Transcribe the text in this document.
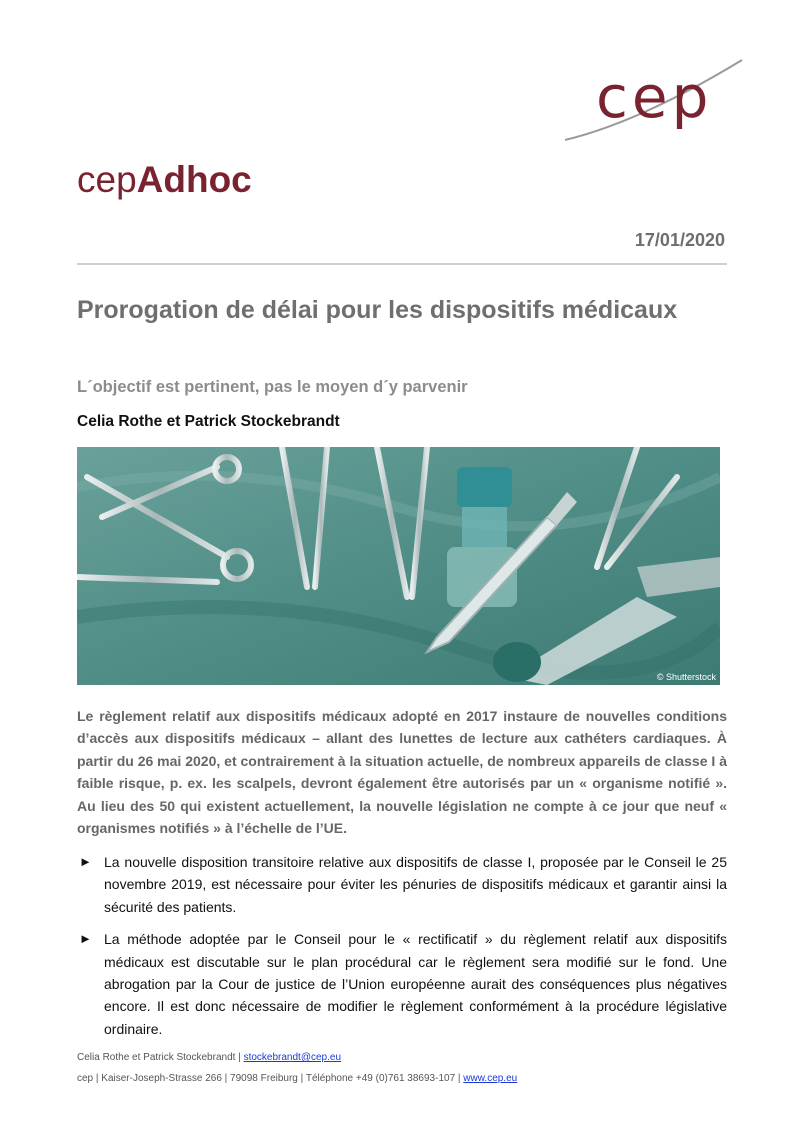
cep
cepAdhoc
17/01/2020
Prorogation de délai pour les dispositifs médicaux
L´objectif est pertinent, pas le moyen d´y parvenir
Celia Rothe et Patrick Stockebrandt
© Shutterstock

Le règlement relatif aux dispositifs médicaux adopté en 2017 instaure de nouvelles conditions d’accès aux dispositifs médicaux – allant des lunettes de lecture aux cathéters cardiaques. À partir du 26 mai 2020, et contrairement à la situation actuelle, de nombreux appareils de classe I à faible risque, p. ex. les scalpels, devront également être autorisés par un « organisme notifié ». Au lieu des 50 qui existent actuellement, la nouvelle législation ne compte à ce jour que neuf « organismes notifiés » à l’échelle de l’UE.

► La nouvelle disposition transitoire relative aux dispositifs de classe I, proposée par le Conseil le 25 novembre 2019, est nécessaire pour éviter les pénuries de dispositifs médicaux et garantir ainsi la sécurité des patients.
► La méthode adoptée par le Conseil pour le « rectificatif » du règlement relatif aux dispositifs médicaux est discutable sur le plan procédural car le règlement sera modifié sur le fond. Une abrogation par la Cour de justice de l’Union européenne aurait des conséquences plus négatives encore. Il est donc nécessaire de modifier le règlement conformément à la procédure législative ordinaire.
Celia Rothe et Patrick Stockebrandt | stockebrandt@cep.eu
cep | Kaiser-Joseph-Strasse 266 | 79098 Freiburg | Téléphone +49 (0)761 38693-107 | www.cep.eu
